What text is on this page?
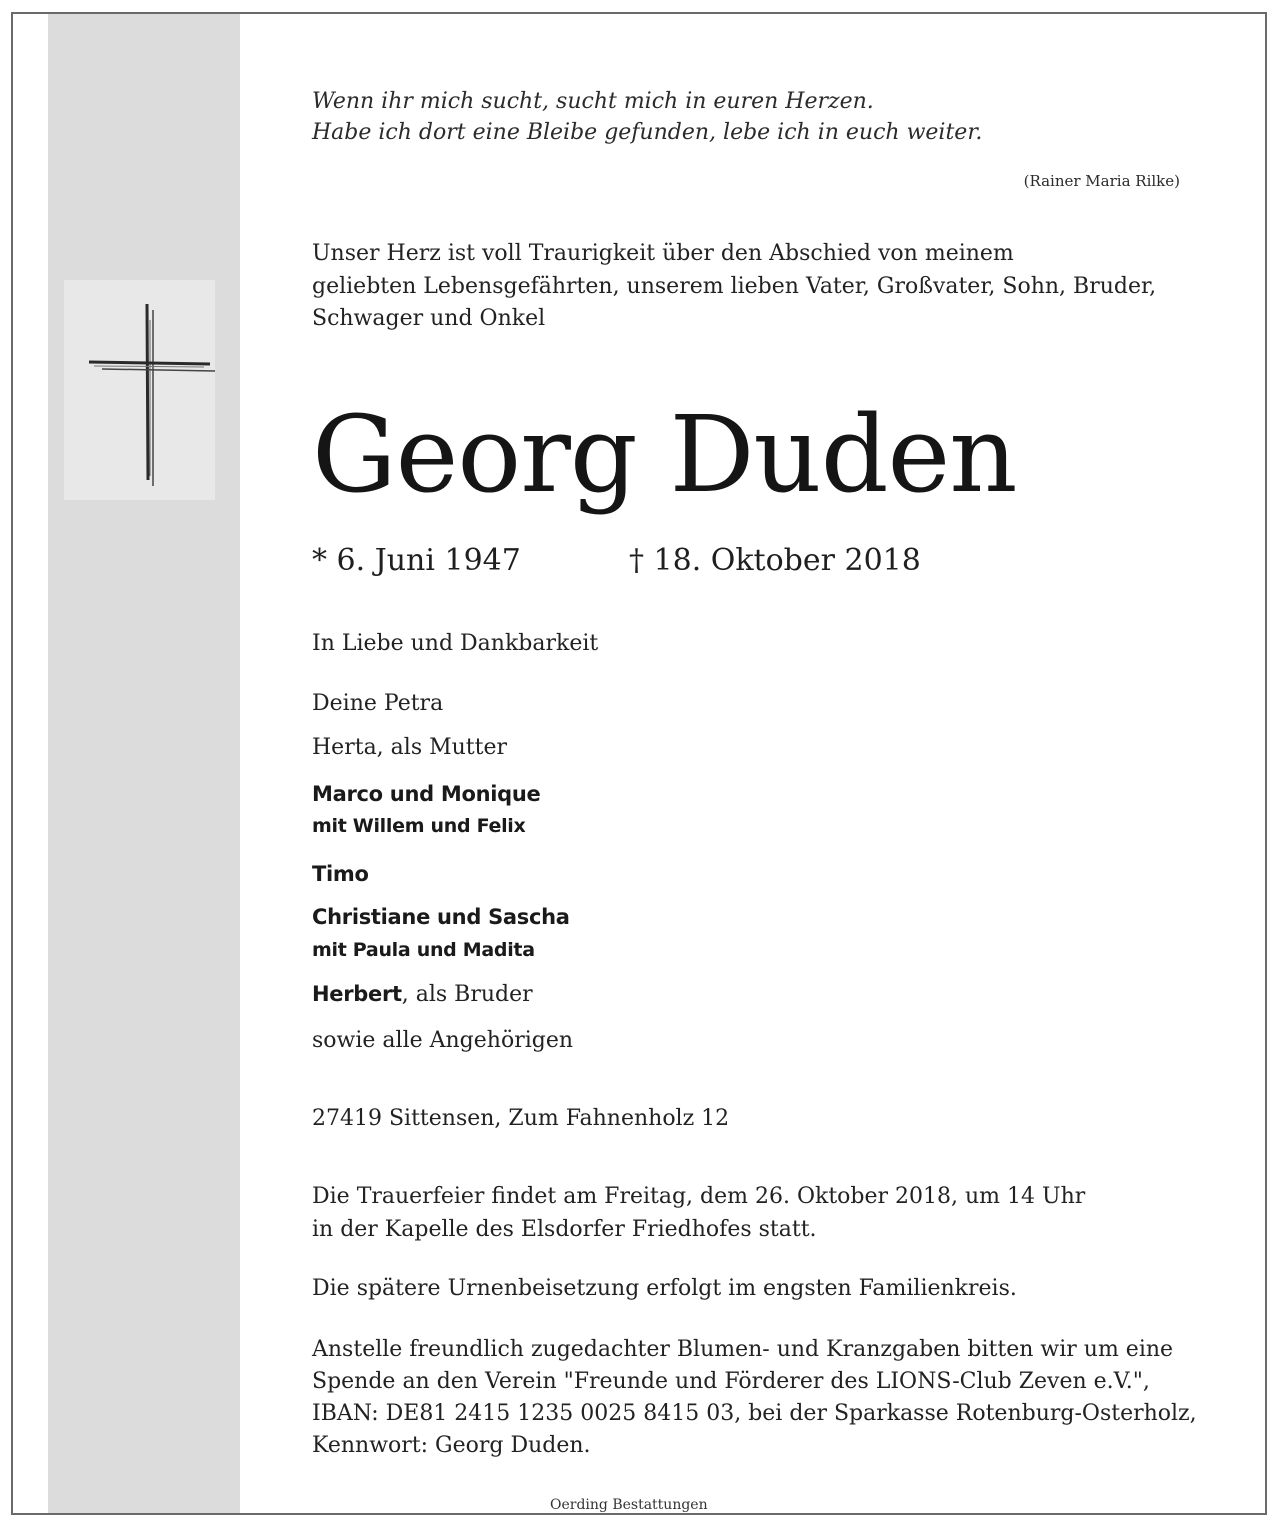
Wenn ihr mich sucht, sucht mich in euren Herzen.
Habe ich dort eine Bleibe gefunden, lebe ich in euch weiter.
(Rainer Maria Rilke)
Unser Herz ist voll Traurigkeit über den Abschied von meinem
geliebten Lebensgefährten, unserem lieben Vater, Großvater, Sohn, Bruder,
Schwager und Onkel
Georg Duden
* 6. Juni 1947	† 18. Oktober 2018
In Liebe und Dankbarkeit
Deine Petra
Herta, als Mutter
Marco und Monique
mit Willem und Felix
Timo
Christiane und Sascha
mit Paula und Madita
Herbert, als Bruder
sowie alle Angehörigen
27419 Sittensen, Zum Fahnenholz 12
Die Trauerfeier findet am Freitag, dem 26. Oktober 2018, um 14 Uhr
in der Kapelle des Elsdorfer Friedhofes statt.
Die spätere Urnenbeisetzung erfolgt im engsten Familienkreis.
Anstelle freundlich zugedachter Blumen- und Kranzgaben bitten wir um eine
Spende an den Verein "Freunde und Förderer des LIONS-Club Zeven e.V.",
IBAN: DE81 2415 1235 0025 8415 03, bei der Sparkasse Rotenburg-Osterholz,
Kennwort: Georg Duden.
Oerding Bestattungen
